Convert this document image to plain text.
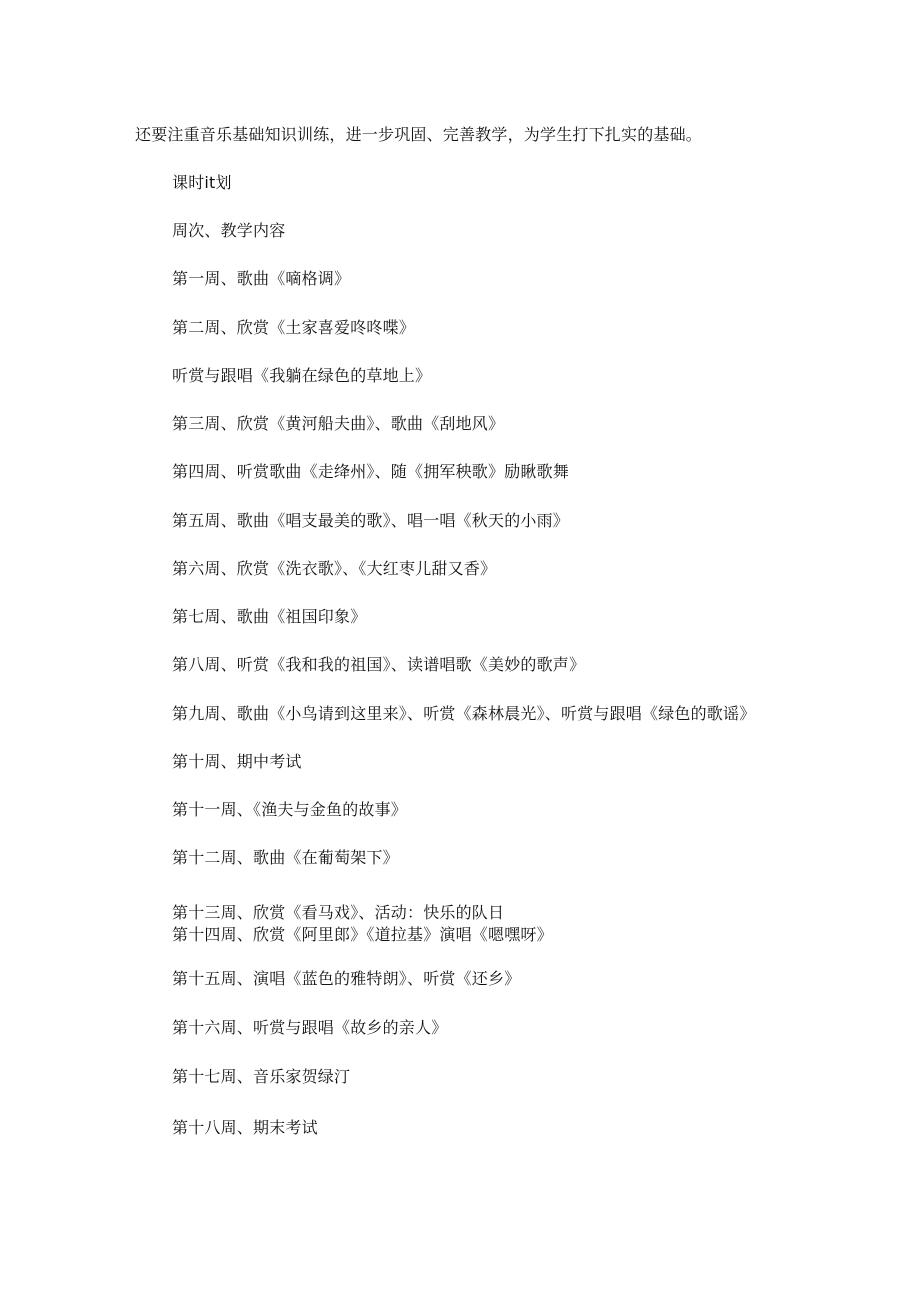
还要注重音乐基础知识训练，进一步巩固、完善教学，为学生打下扎实的基础。
课时it划
周次、教学内容
第一周、歌曲《嘀格调》
第二周、欣赏《土家喜爱咚咚喋》
听赏与跟唱《我躺在绿色的草地上》
第三周、欣赏《黄河船夫曲》、歌曲《刮地风》
第四周、听赏歌曲《走绛州》、随《拥军秧歌》励瞅歌舞
第五周、歌曲《唱支最美的歌》、唱一唱《秋天的小雨》
第六周、欣赏《洗衣歌》、《大红枣儿甜又香》
第七周、歌曲《祖国印象》
第八周、听赏《我和我的祖国》、读谱唱歌《美妙的歌声》
第九周、歌曲《小鸟请到这里来》、听赏《森林晨光》、听赏与跟唱《绿色的歌谣》
第十周、期中考试
第十一周、《渔夫与金鱼的故事》
第十二周、歌曲《在葡萄架下》
第十三周、欣赏《看马戏》、活动：快乐的队日
第十四周、欣赏《阿里郎》《道拉基》演唱《嗯嘿呀》
第十五周、演唱《蓝色的雅特朗》、听赏《还乡》
第十六周、听赏与跟唱《故乡的亲人》
第十七周、音乐家贺绿汀
第十八周、期末考试
